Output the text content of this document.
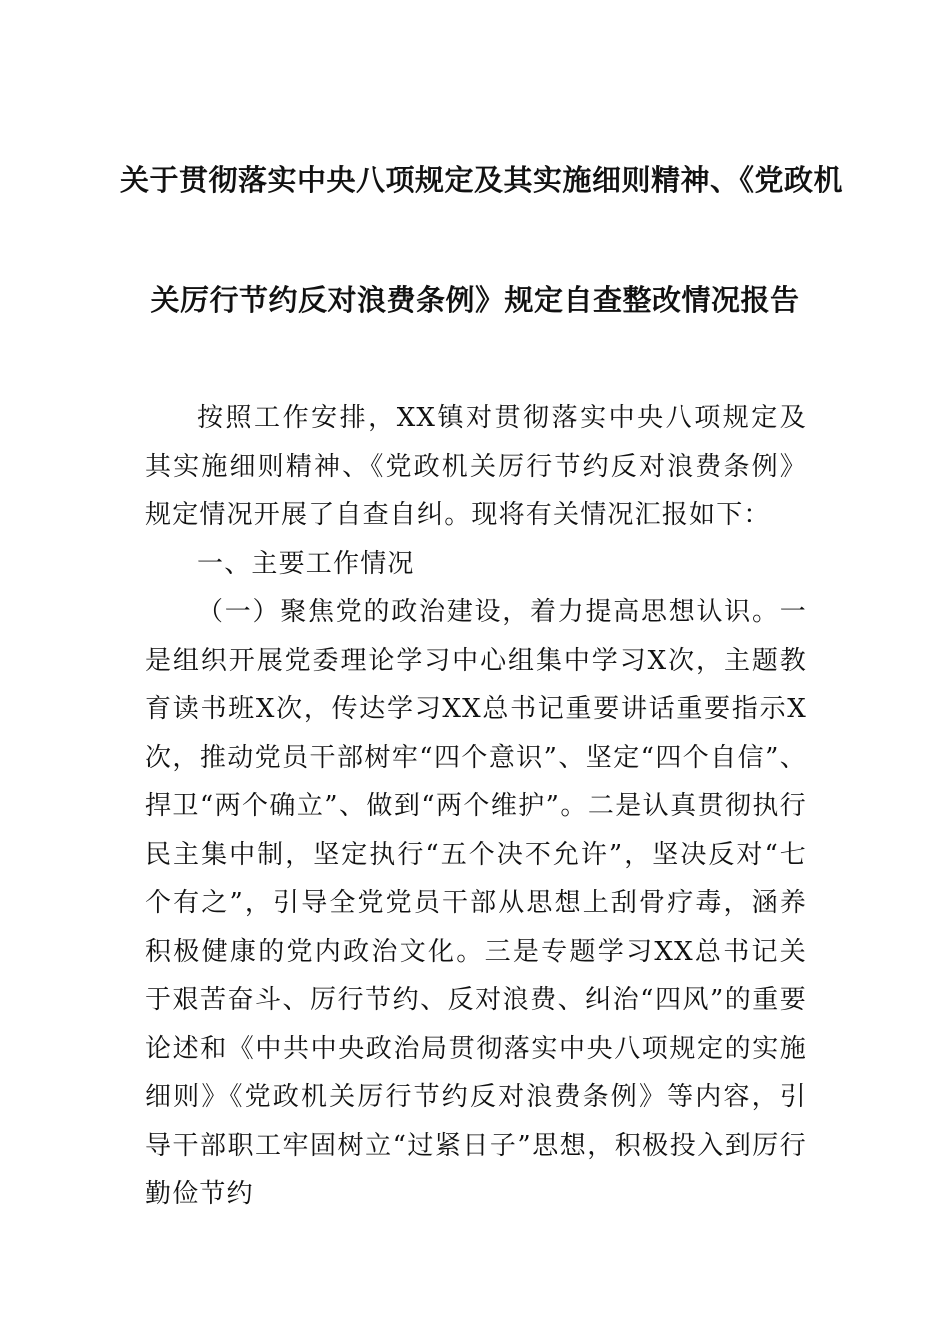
关于贯彻落实中央八项规定及其实施细则精神、《党政机
关厉行节约反对浪费条例》规定自查整改情况报告

按照工作安排，XX镇对贯彻落实中央八项规定及其实施细则精神、《党政机关厉行节约反对浪费条例》规定情况开展了自查自纠。现将有关情况汇报如下：

一、主要工作情况

（一）聚焦党的政治建设，着力提高思想认识。一是组织开展党委理论学习中心组集中学习X次，主题教育读书班X次，传达学习XX总书记重要讲话重要指示X次，推动党员干部树牢“四个意识”、坚定“四个自信”、捍卫“两个确立”、做到“两个维护”。二是认真贯彻执行民主集中制，坚定执行“五个决不允许”，坚决反对“七个有之”，引导全党党员干部从思想上刮骨疗毒，涵养积极健康的党内政治文化。三是专题学习XX总书记关于艰苦奋斗、厉行节约、反对浪费、纠治“四风”的重要论述和《中共中央政治局贯彻落实中央八项规定的实施细则》《党政机关厉行节约反对浪费条例》等内容，引导干部职工牢固树立“过紧日子”思想，积极投入到厉行勤俭节约
